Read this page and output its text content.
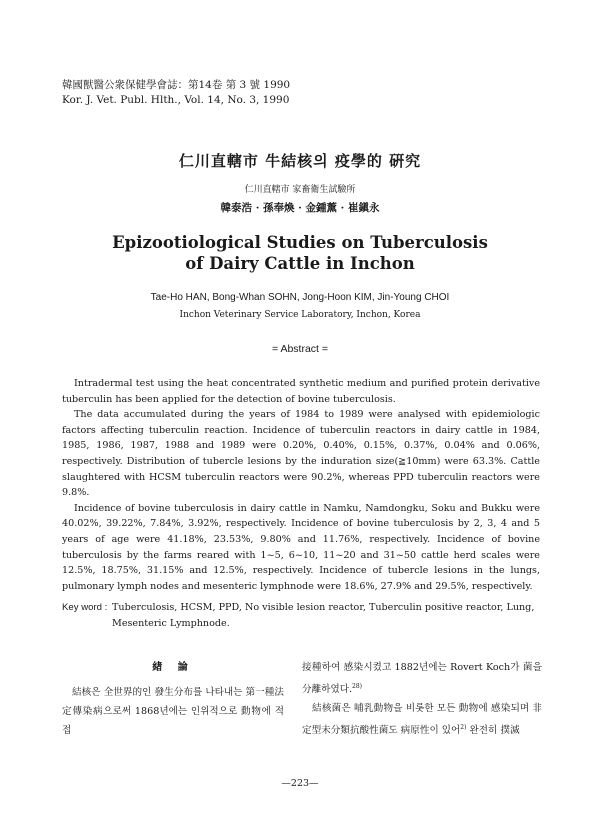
韓國獸醫公衆保健學會誌：第14卷 第 3 號 1990
Kor. J. Vet. Publ. Hlth., Vol. 14, No. 3, 1990
仁川直轄市 牛結核의 疫學的 硏究
仁川直轄市 家畜衛生試驗所
韓泰浩 · 孫奉煥 · 金鍾薰 · 崔鎭永
Epizootiological Studies on Tuberculosis
of Dairy Cattle in Inchon
Tae-Ho HAN, Bong-Whan SOHN, Jong-Hoon KIM, Jin-Young CHOI
Inchon Veterinary Service Laboratory, Inchon, Korea
= Abstract =

Intradermal test using the heat concentrated synthetic medium and purified protein derivative tuberculin has been applied for the detection of bovine tuberculosis.

The data accumulated during the years of 1984 to 1989 were analysed with epidemiologic factors affecting tuberculin reaction. Incidence of tuberculin reactors in dairy cattle in 1984, 1985, 1986, 1987, 1988 and 1989 were 0.20%, 0.40%, 0.15%, 0.37%, 0.04% and 0.06%, respectively. Distribution of tubercle lesions by the induration size(≧10mm) were 63.3%. Cattle slaughtered with HCSM tuberculin reactors were 90.2%, whereas PPD tuberculin reactors were 9.8%.

Incidence of bovine tuberculosis in dairy cattle in Namku, Namdongku, Soku and Bukku were 40.02%, 39.22%, 7.84%, 3.92%, respectively. Incidence of bovine tuberculosis by 2, 3, 4 and 5 years of age were 41.18%, 23.53%, 9.80% and 11.76%, respectively. Incidence of bovine tuberculosis by the farms reared with 1~5, 6~10, 11~20 and 31~50 cattle herd scales were 12.5%, 18.75%, 31.15% and 12.5%, respectively. Incidence of tubercle lesions in the lungs, pulmonary lymph nodes and mesenteric lymphnode were 18.6%, 27.9% and 29.5%, respectively.

Key word : Tuberculosis, HCSM, PPD, No visible lesion reactor, Tuberculin positive reactor, Lung, Mesenteric Lymphnode.
緖 論

結核은 全世界的인 發生分布를 나타내는 第一種法定傳染病으로써 1868년에는 인위적으로 動物에 적접

接種하여 感染시켰고 1882년에는 Rovert Koch가 菌을 分離하였다.$^{28)}$

結核菌은 哺乳動物을 비롯한 모든 動物에 感染되며 非定型未分類抗酸性菌도 病原性이 있어$^{2)}$ 완전히 撲滅

—223—
